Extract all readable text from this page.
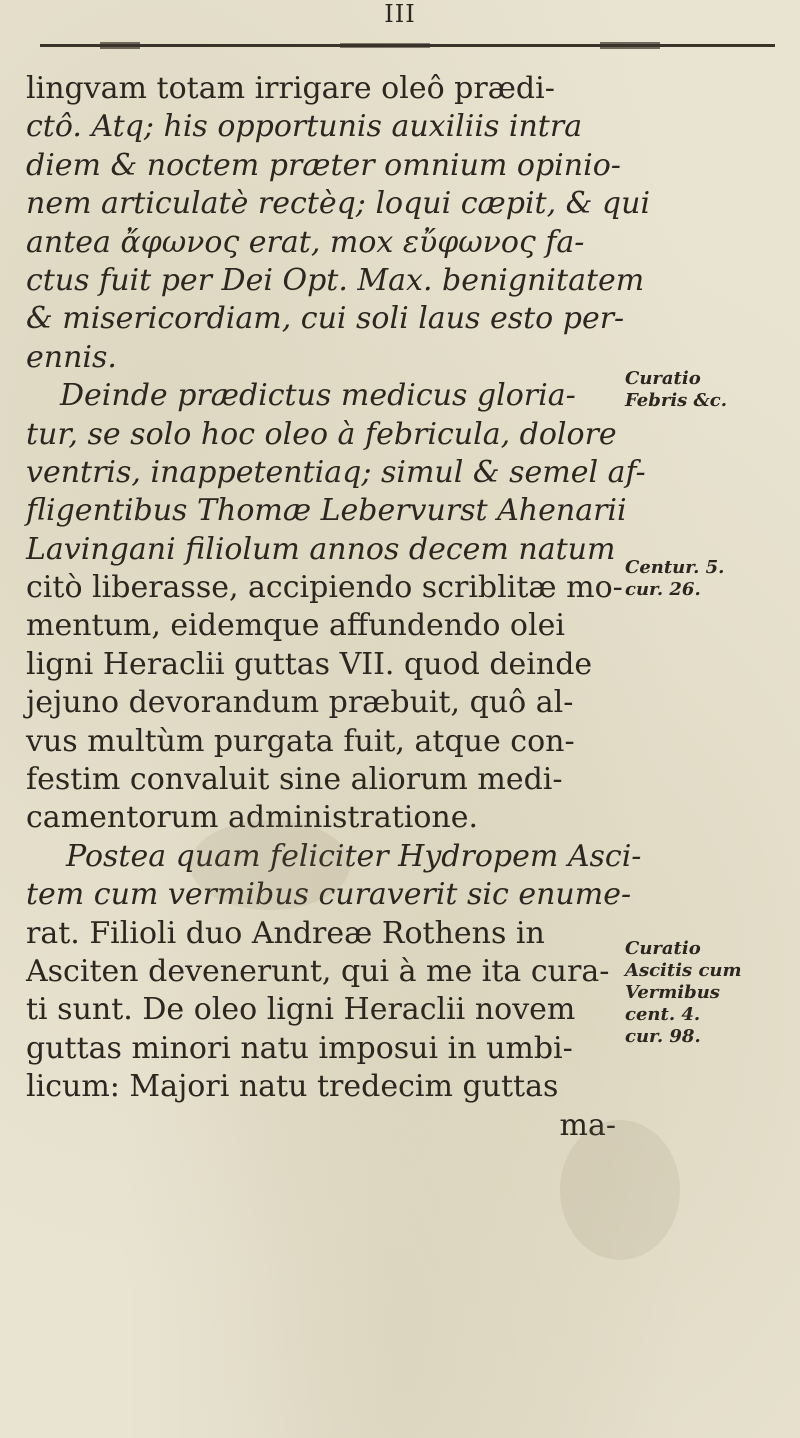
III
lingvam totam irrigare oleô prædi-
ctô. Atq; his opportunis auxiliis intra
diem & noctem præter omnium opinio-
nem articulatè rectèq; loqui cæpit, & qui
antea ἄφωνος erat, mox εὔφωνος fa-
ctus fuit per Dei Opt. Max. benignitatem
& misericordiam, cui soli laus esto per-
ennis.
Deinde prædictus medicus gloria-
tur, se solo hoc oleo à febricula, dolore
ventris, inappetentiaq; simul & semel af-
fligentibus Thomæ Lebervurst Ahenarii
Lavingani filiolum annos decem natum
citò liberasse, accipiendo scriblitæ mo-
mentum, eidemque affundendo olei
ligni Heraclii guttas VII. quod deinde
jejuno devorandum præbuit, quô al-
vus multùm purgata fuit, atque con-
festim convaluit sine aliorum medi-
camentorum administratione.
Postea quam feliciter Hydropem Asci-
tem cum vermibus curaverit sic enume-
rat. Filioli duo Andreæ Rothens in
Asciten devenerunt, qui à me ita cura-
ti sunt. De oleo ligni Heraclii novem
guttas minori natu imposui in umbi-
licum: Majori natu tredecim guttas
ma-
Curatio
Febris &c.
Centur. 5.
cur. 26.
Curatio
Ascitis cum
Vermibus
cent. 4.
cur. 98.
